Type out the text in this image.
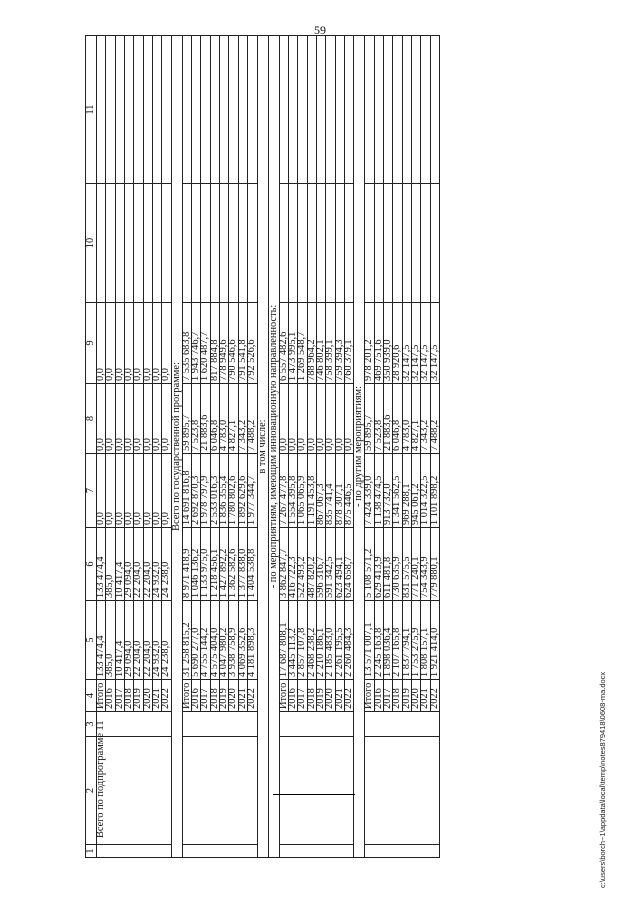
59
1	2	3	4	5	6	7	8	9	10	11
	Всего по подпрограмме 11		Итого	133 474,4	133 474,4	0,0	0,0	0,0		
			2016	385,0	385,0	0,0	0,0	0,0		
			2017	10 417,4	10 417,4	0,0	0,0	0,0		
			2018	29 094,0	29 094,0	0,0	0,0	0,0		
			2019	22 204,0	22 204,0	0,0	0,0	0,0		
			2020	22 204,0	22 204,0	0,0	0,0	0,0		
			2021	24 932,0	24 932,0	0,0	0,0	0,0		
			2022	24 238,0	24 238,0	0,0	0,0	0,0		
Всего по государственной программе:										
			Итого	31 258 815,2	8 971 418,9	14 691 816,8	59 895,7	7 535 683,8		
			2016	5 690 277,0	1 046 136,2	2 692 870,3	7 523,8	1 943 746,7		
			2017	4 755 144,2	1 133 975,0	1 978 797,9	21 883,6	1 620 487,7		
			2018	4 575 404,0	1 218 456,1	2 533 016,3	6 046,8	817 884,8		
			2019	4 047 980,2	1 427 892,2	1 836 355,4	4 783,0	778 949,6		
			2020	3 938 758,9	1 362 582,6	1 780 802,6	4 827,1	790 546,6		
			2021	4 069 352,6	1 377 838,0	1 892 629,6	7 343,2	791 541,8		
			2022	4 181 898,3	1 404 538,8	1 977 344,7	7 488,2	792 526,6		
в том числе:										
- по мероприятиям, имеющим инновационную направленность:										
			Итого	17 687 808,1	3 862 847,7	7 267 477,8	0,0	6 557 482,6		
			2016	3 445 113,2	416 722,3	1 554 395,8	0,0	1 473 995,1		
			2017	2 857 107,8	522 493,2	1 065 065,9	0,0	1 269 548,7		
			2018	2 468 238,2	487 820,2	1 191 453,8	0,0	788 964,2		
			2019	2 210 186,1	596 316,7	867 067,3	0,0	746 802,1		
			2020	2 185 483,0	591 342,5	835 741,4	0,0	758 399,1		
			2021	2 261 195,5	623 494,1	878 307,1	0,0	759 394,3		
			2022	2 260 484,3	624 658,7	875 446,5	0,0	760 379,1		
- по другим мероприятиям:										
			Итого	13 571 007,1	5 108 571,2	7 424 339,0	59 895,7	978 201,2		
			2016	2 245 163,8	629 413,9	1 138 474,5	7 523,8	469 751,6		
			2017	1 898 036,4	611 481,8	913 732,0	21 883,6	350 939,0		
			2018	2 107 165,8	730 635,9	1 341 562,5	6 046,8	28 920,6		
			2019	1 837 794,1	831 575,5	969 288,1	4 783,0	32 147,5		
			2020	1 753 275,9	771 240,1	945 061,2	4 827,1	32 147,5		
			2021	1 808 157,1	754 343,9	1 014 322,5	7 343,2	32 147,5		
			2022	1 921 414,0	779 880,1	1 101 898,2	7 488,2	32 147,5		
c:\users\borch~1\appdata\local\temp\notes879418\0608-ma.docx
